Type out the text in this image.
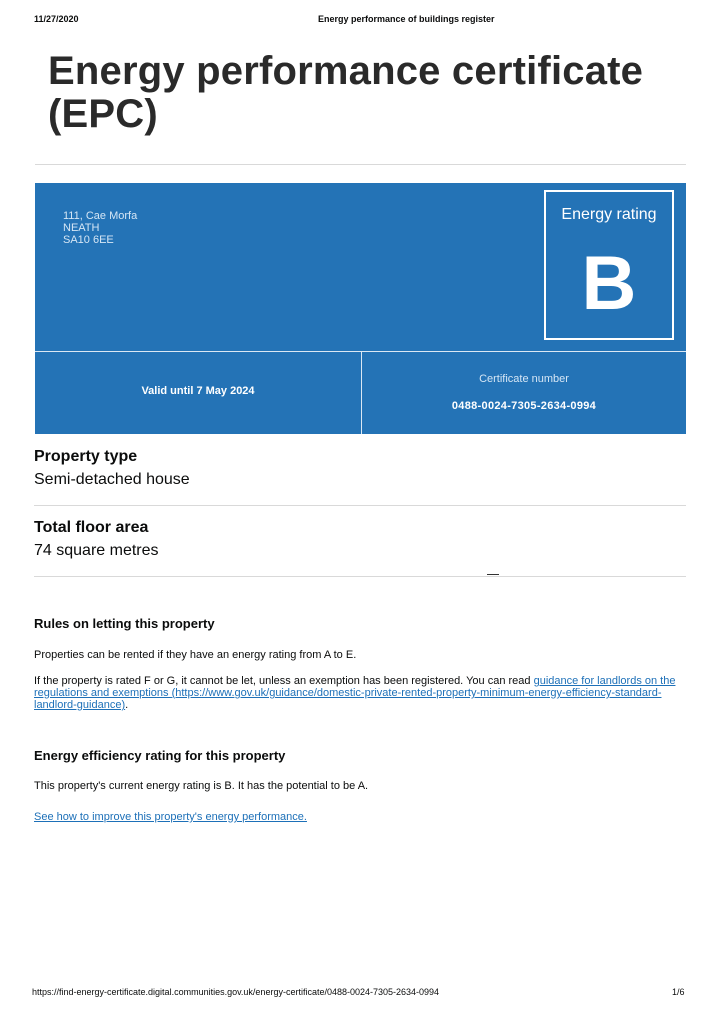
11/27/2020	Energy performance of buildings register
Energy performance certificate
(EPC)
111, Cae Morfa
NEATH
SA10 6EE
Energy rating
B
Valid until 7 May 2024
Certificate number
0488-0024-7305-2634-0994
Property type
Semi-detached house
Total floor area
74 square metres
Rules on letting this property

Properties can be rented if they have an energy rating from A to E.

If the property is rated F or G, it cannot be let, unless an exemption has been registered. You can read guidance for landlords on the regulations and exemptions (https://www.gov.uk/guidance/domestic-private-rented-property-minimum-energy-efficiency-standard-landlord-guidance).

Energy efficiency rating for this property

This property's current energy rating is B. It has the potential to be A.

See how to improve this property's energy performance.
https://find-energy-certificate.digital.communities.gov.uk/energy-certificate/0488-0024-7305-2634-0994	1/6
